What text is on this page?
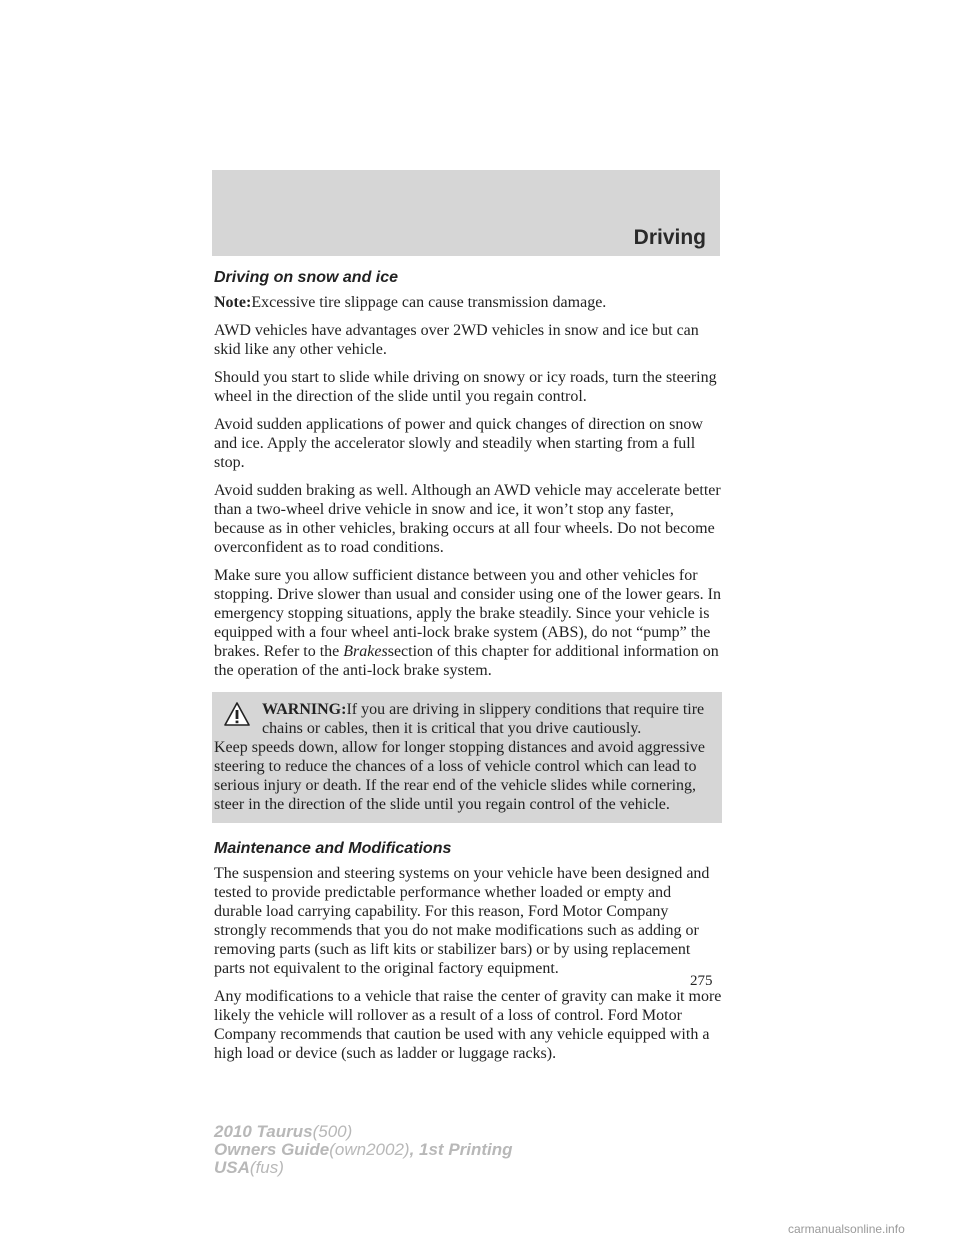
Driving
Driving on snow and ice

Note:Excessive tire slippage can cause transmission damage.

AWD vehicles have advantages over 2WD vehicles in snow and ice but can skid like any other vehicle.

Should you start to slide while driving on snowy or icy roads, turn the steering wheel in the direction of the slide until you regain control.

Avoid sudden applications of power and quick changes of direction on snow and ice. Apply the accelerator slowly and steadily when starting from a full stop.

Avoid sudden braking as well. Although an AWD vehicle may accelerate better than a two-wheel drive vehicle in snow and ice, it won’t stop any faster, because as in other vehicles, braking occurs at all four wheels. Do not become overconfident as to road conditions.

Make sure you allow sufficient distance between you and other vehicles for stopping. Drive slower than usual and consider using one of the lower gears. In emergency stopping situations, apply the brake steadily. Since your vehicle is equipped with a four wheel anti-lock brake system (ABS), do not “pump” the brakes. Refer to the Brakessection of this chapter for additional information on the operation of the anti-lock brake system.

WARNING:If you are driving in slippery conditions that require tire chains or cables, then it is critical that you drive cautiously.
Keep speeds down, allow for longer stopping distances and avoid aggressive steering to reduce the chances of a loss of vehicle control which can lead to serious injury or death. If the rear end of the vehicle slides while cornering, steer in the direction of the slide until you regain control of the vehicle.
Maintenance and Modifications

The suspension and steering systems on your vehicle have been designed and tested to provide predictable performance whether loaded or empty and durable load carrying capability. For this reason, Ford Motor Company strongly recommends that you do not make modifications such as adding or removing parts (such as lift kits or stabilizer bars) or by using replacement parts not equivalent to the original factory equipment.

Any modifications to a vehicle that raise the center of gravity can make it more likely the vehicle will rollover as a result of a loss of control. Ford Motor Company recommends that caution be used with any vehicle equipped with a high load or device (such as ladder or luggage racks).

275
2010 Taurus(500)
Owners Guide(own2002), 1st Printing
USA(fus)
carmanualsonline.info
